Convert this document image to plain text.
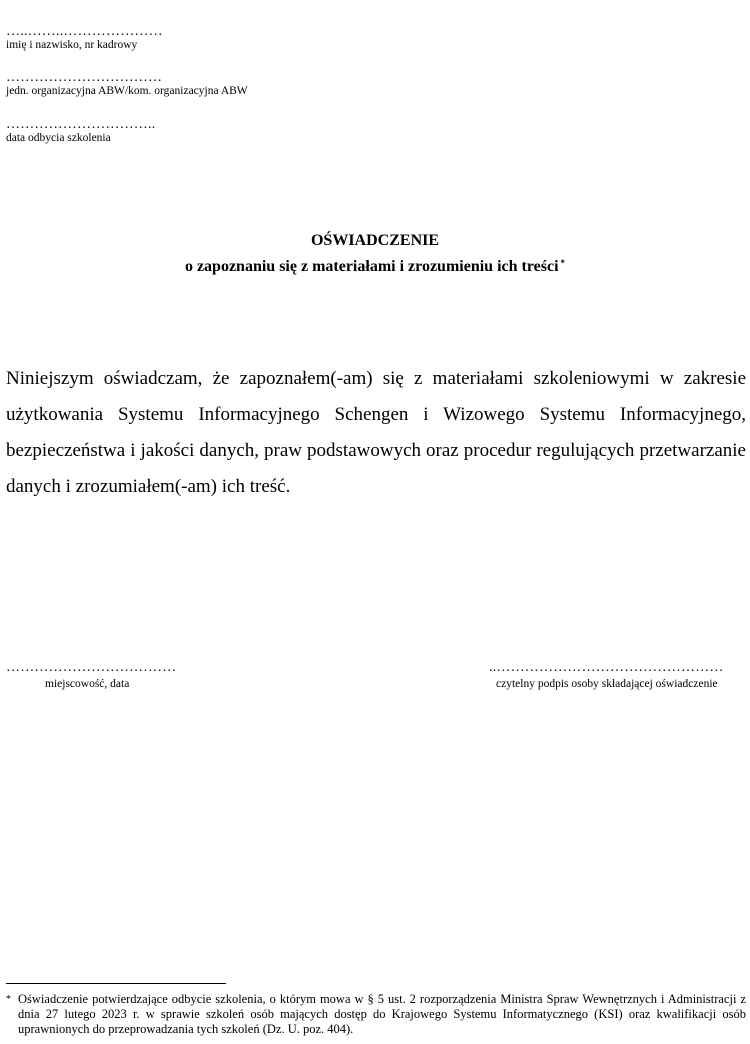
…..……..…………………
imię i nazwisko, nr kadrowy
……………………………
jedn. organizacyjna ABW/kom. organizacyjna ABW
…………………………..
data odbycia szkolenia
OŚWIADCZENIE
o zapoznaniu się z materiałami i zrozumieniu ich treści *
Niniejszym oświadczam, że zapoznałem(-am) się z materiałami szkoleniowymi w zakresie użytkowania Systemu Informacyjnego Schengen i Wizowego Systemu Informacyjnego, bezpieczeństwa i jakości danych, praw podstawowych oraz procedur regulujących przetwarzanie danych i zrozumiałem(-am) ich treść.
………………………………
miejscowość, data
..…………………………………………
czytelny podpis osoby składającej oświadczenie
* Oświadczenie potwierdzające odbycie szkolenia, o którym mowa w § 5 ust. 2 rozporządzenia Ministra Spraw Wewnętrznych i Administracji z dnia 27 lutego 2023 r. w sprawie szkoleń osób mających dostęp do Krajowego Systemu Informatycznego (KSI) oraz kwalifikacji osób uprawnionych do przeprowadzania tych szkoleń (Dz. U. poz. 404).
